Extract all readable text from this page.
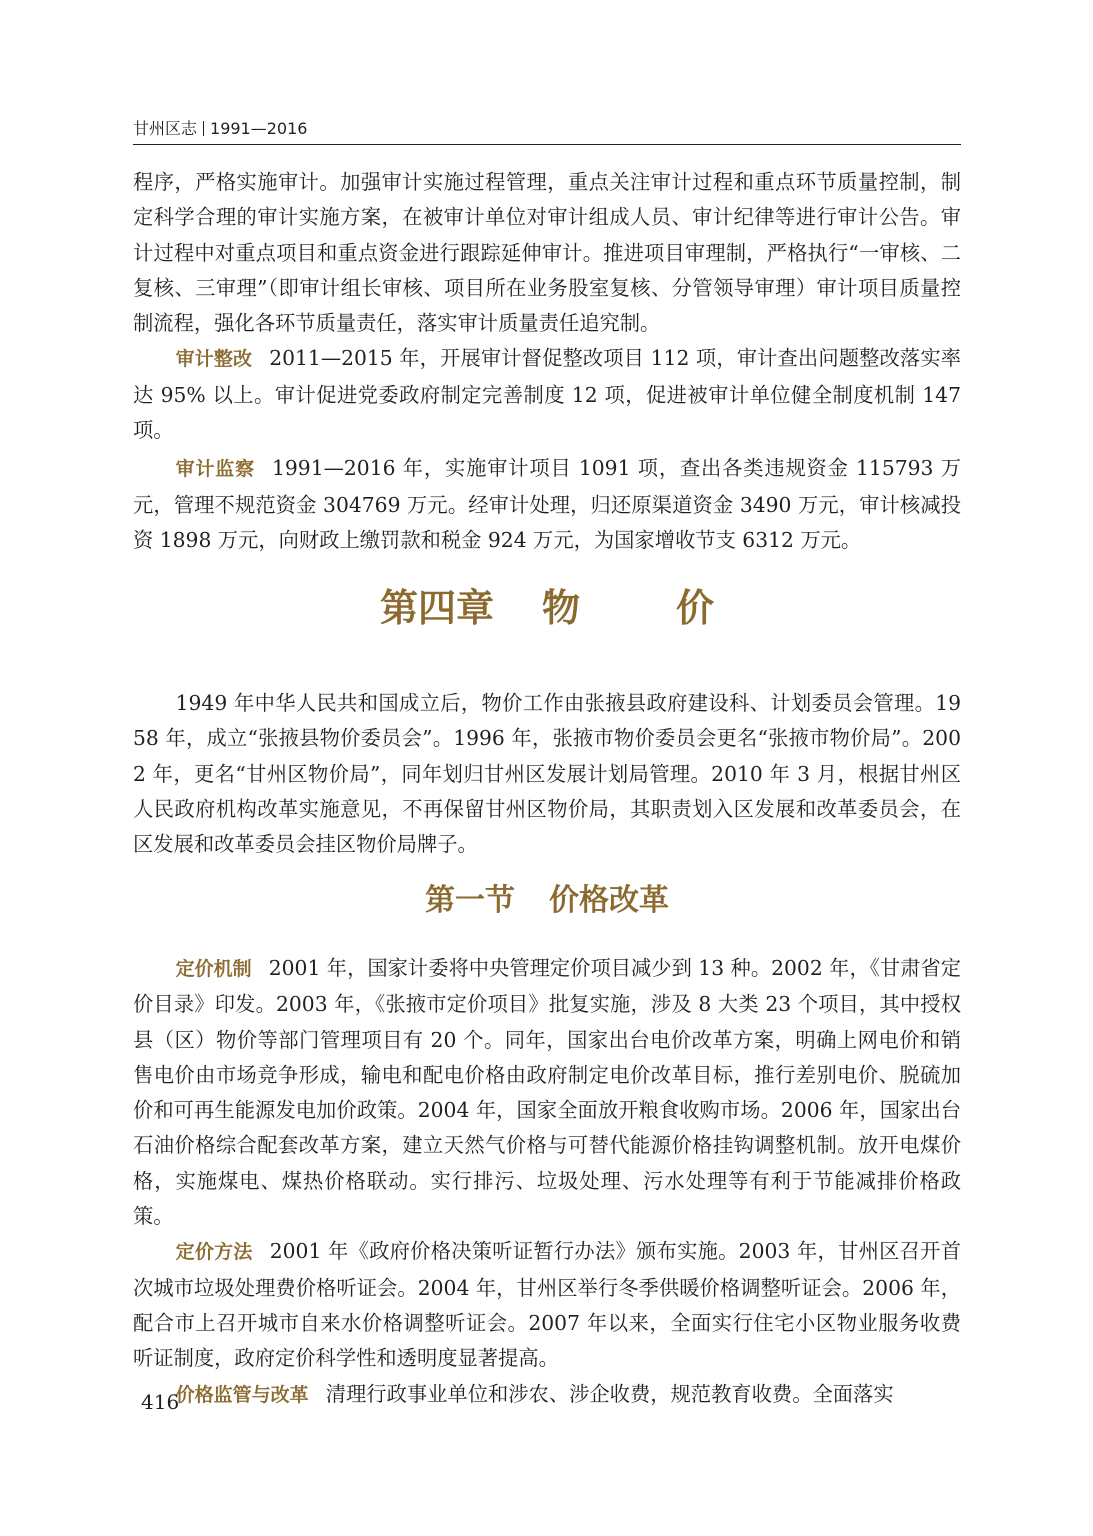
甘州区志 1991—2016

程序，严格实施审计。加强审计实施过程管理，重点关注审计过程和重点环节质量控制，制定科学合理的审计实施方案，在被审计单位对审计组成人员、审计纪律等进行审计公告。审计过程中对重点项目和重点资金进行跟踪延伸审计。推进项目审理制，严格执行“一审核、二复核、三审理”（即审计组长审核、项目所在业务股室复核、分管领导审理）审计项目质量控制流程，强化各环节质量责任，落实审计质量责任追究制。

审计整改 2011—2015 年，开展审计督促整改项目 112 项，审计查出问题整改落实率达 95% 以上。审计促进党委政府制定完善制度 12 项，促进被审计单位健全制度机制 147 项。

审计监察 1991—2016 年，实施审计项目 1091 项，查出各类违规资金 115793 万元，管理不规范资金 304769 万元。经审计处理，归还原渠道资金 3490 万元，审计核减投资 1898 万元，向财政上缴罚款和税金 924 万元，为国家增收节支 6312 万元。

第四章 物	价

1949 年中华人民共和国成立后，物价工作由张掖县政府建设科、计划委员会管理。1958 年，成立“张掖县物价委员会”。1996 年，张掖市物价委员会更名“张掖市物价局”。2002 年，更名“甘州区物价局”，同年划归甘州区发展计划局管理。2010 年 3 月，根据甘州区人民政府机构改革实施意见，不再保留甘州区物价局，其职责划入区发展和改革委员会，在区发展和改革委员会挂区物价局牌子。

第一节 价格改革

定价机制 2001 年，国家计委将中央管理定价项目减少到 13 种。2002 年，《甘肃省定价目录》印发。2003 年，《张掖市定价项目》批复实施，涉及 8 大类 23 个项目，其中授权县（区）物价等部门管理项目有 20 个。同年，国家出台电价改革方案，明确上网电价和销售电价由市场竞争形成，输电和配电价格由政府制定电价改革目标，推行差别电价、脱硫加价和可再生能源发电加价政策。2004 年，国家全面放开粮食收购市场。2006 年，国家出台石油价格综合配套改革方案，建立天然气价格与可替代能源价格挂钩调整机制。放开电煤价格，实施煤电、煤热价格联动。实行排污、垃圾处理、污水处理等有利于节能减排价格政策。

定价方法 2001 年《政府价格决策听证暂行办法》颁布实施。2003 年，甘州区召开首次城市垃圾处理费价格听证会。2004 年，甘州区举行冬季供暖价格调整听证会。2006 年，配合市上召开城市自来水价格调整听证会。2007 年以来，全面实行住宅小区物业服务收费听证制度，政府定价科学性和透明度显著提高。

价格监管与改革 清理行政事业单位和涉农、涉企收费，规范教育收费。全面落实

416
